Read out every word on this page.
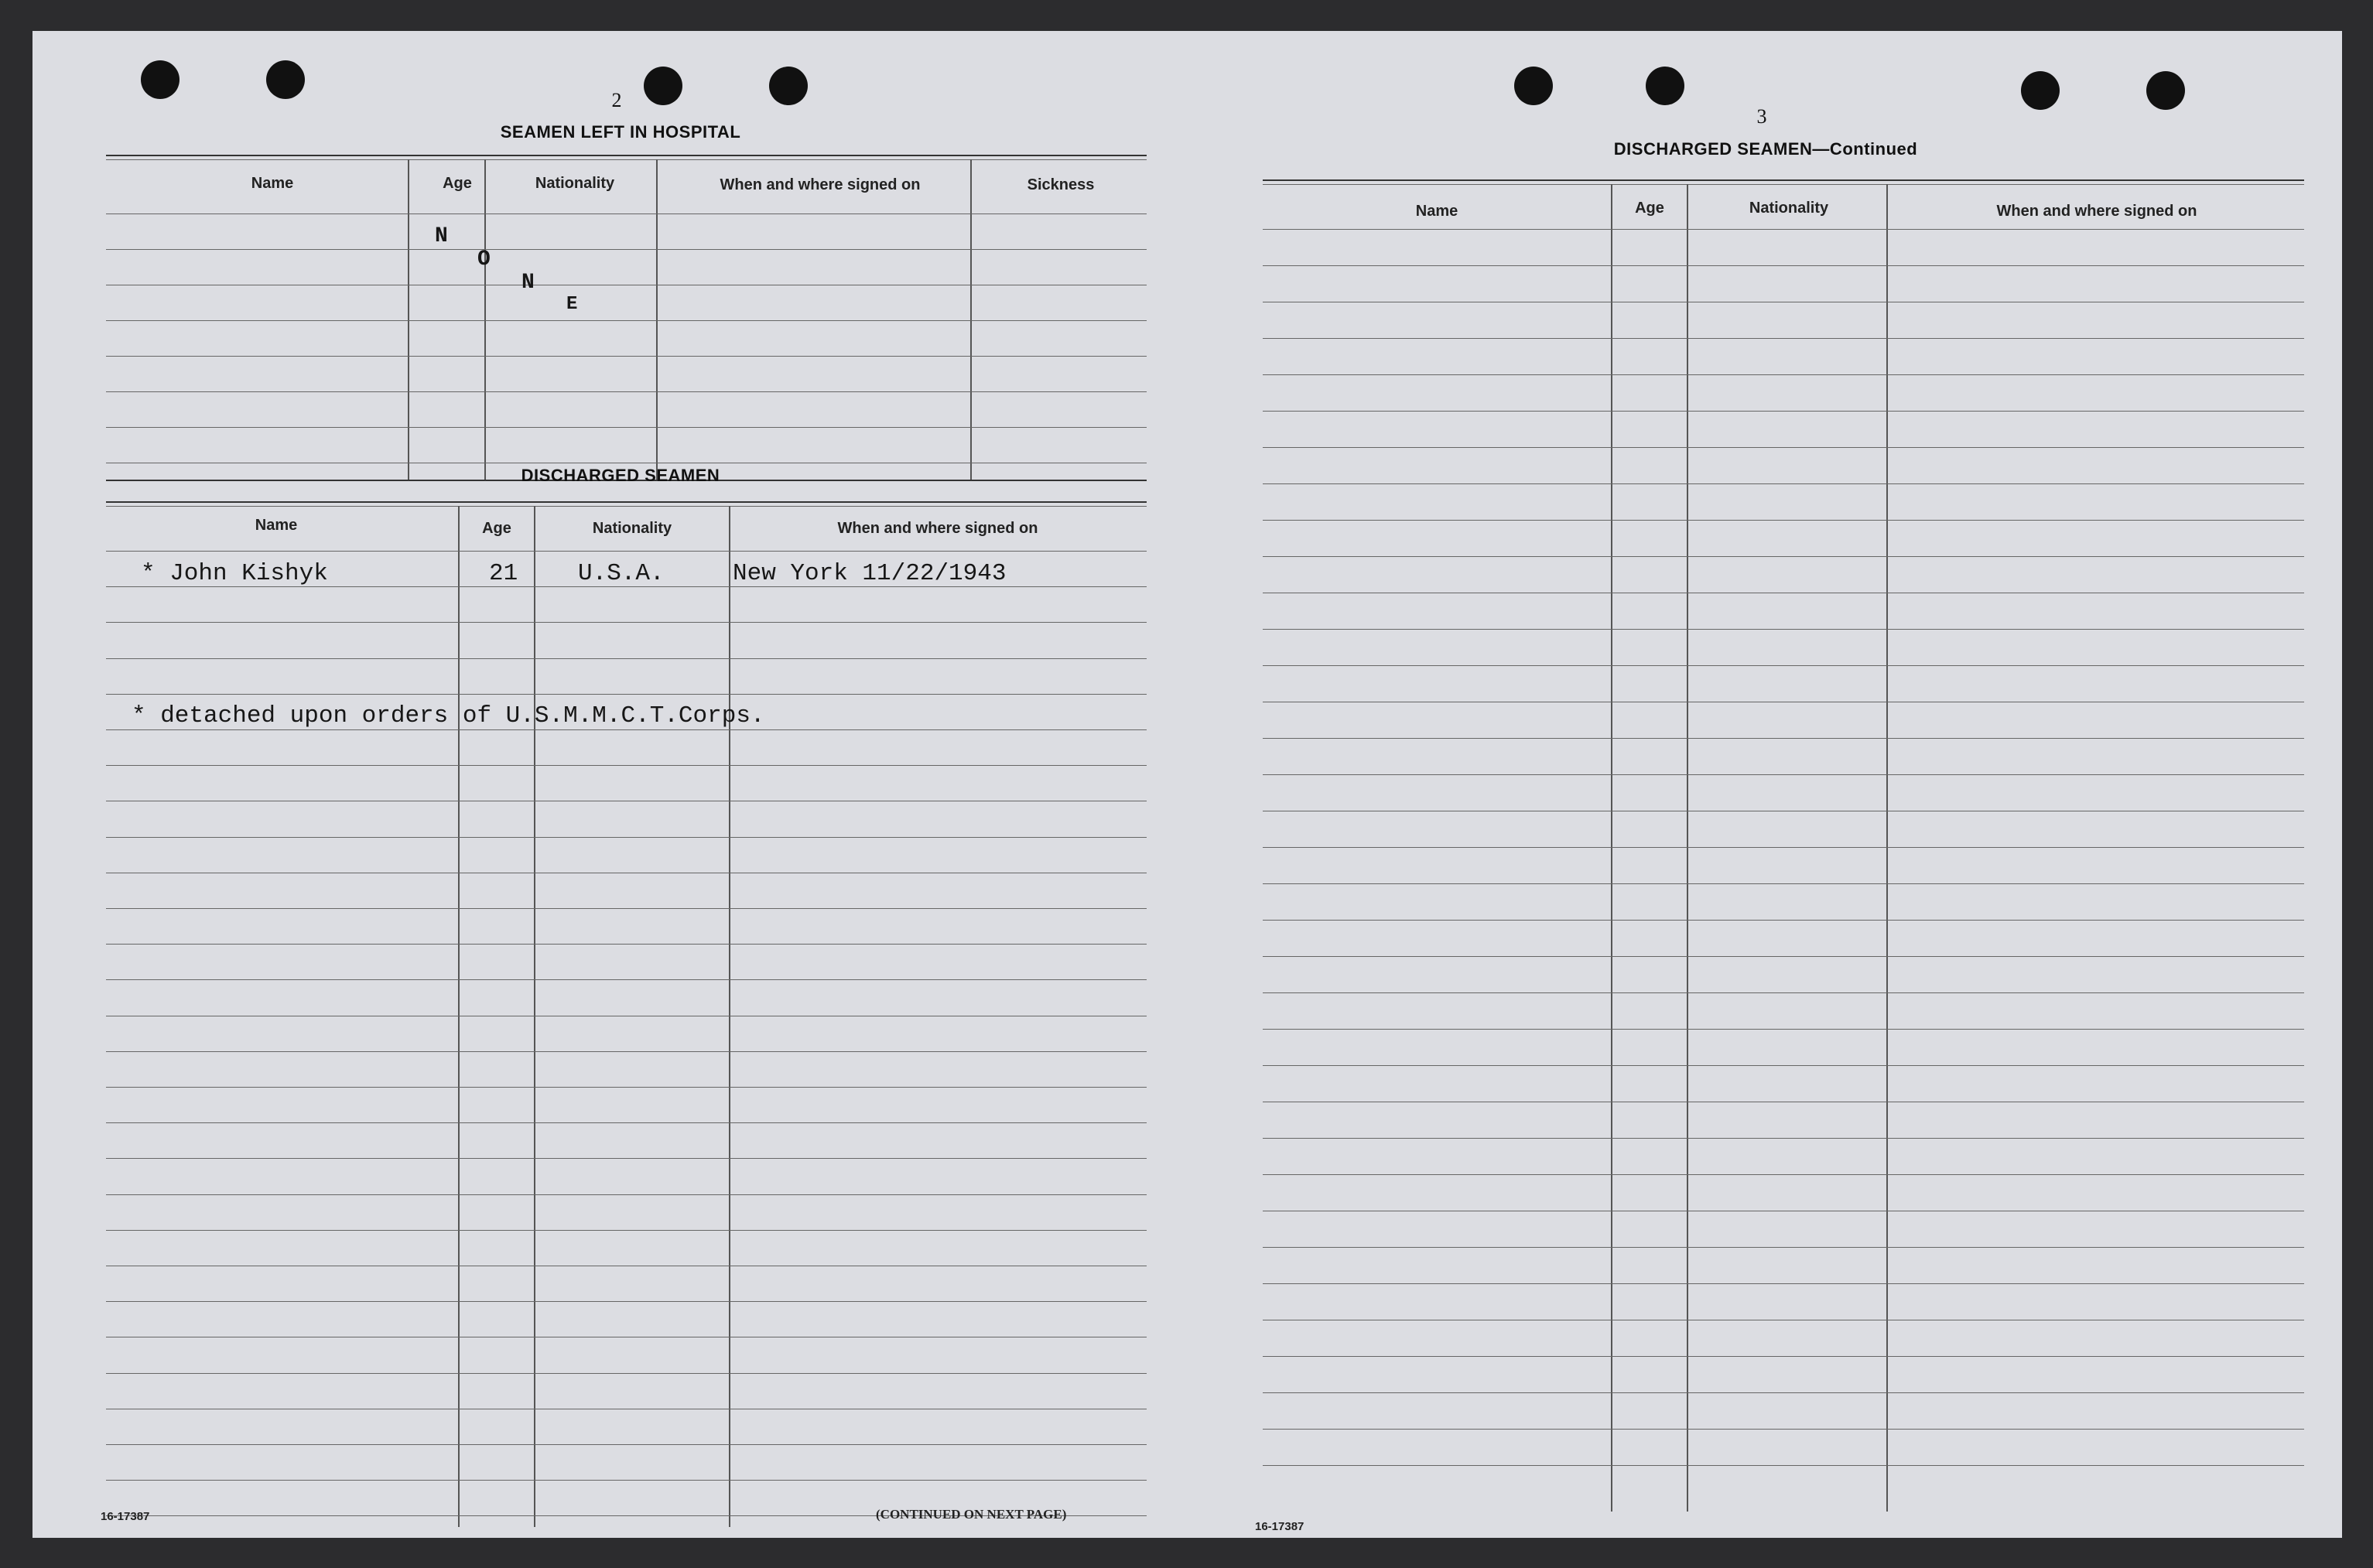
2
SEAMEN LEFT IN HOSPITAL
Name	Age	Nationality	When and where signed on	Sickness
N
O
N
E
DISCHARGED SEAMEN
Name	Age	Nationality	When and where signed on
* John Kishyk	21	U.S.A.	New York 11/22/1943
* detached upon orders of U.S.M.M.C.T.Corps.
16-17387	(CONTINUED ON NEXT PAGE)
3
DISCHARGED SEAMEN—Continued
Name	Age	Nationality	When and where signed on
16-17387
